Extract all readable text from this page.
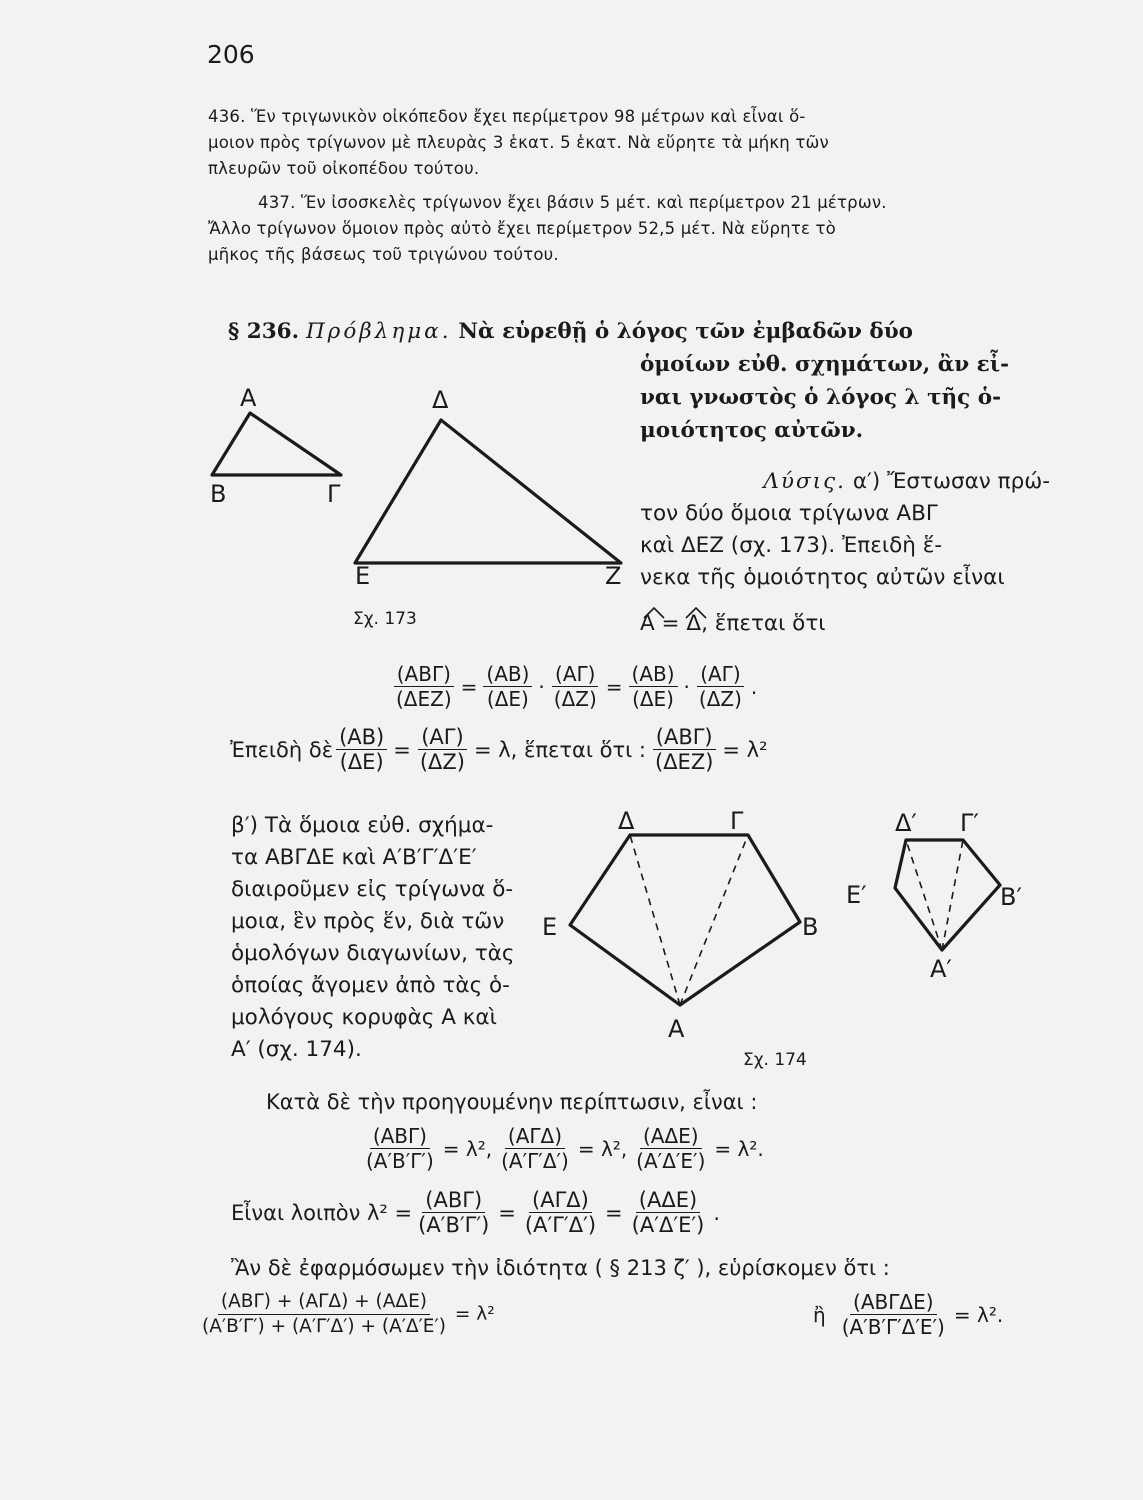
206
436. Ἕν τριγωνικὸν οἰκόπεδον ἔχει περίμετρον 98 μέτρων καὶ εἶναι ὅ-
μοιον πρὸς τρίγωνον μὲ πλευρὰς 3 ἑκατ. 5 ἑκατ. Νὰ εὕρητε τὰ μήκη τῶν
πλευρῶν τοῦ οἰκοπέδου τούτου.
437. Ἕν ἰσοσκελὲς τρίγωνον ἔχει βάσιν 5 μέτ. καὶ περίμετρον 21 μέτρων.
Ἄλλο τρίγωνον ὅμοιον πρὸς αὐτὸ ἔχει περίμετρον 52,5 μέτ. Νὰ εὕρητε τὸ
μῆκος τῆς βάσεως τοῦ τριγώνου τούτου.
§ 236. Πρόβλημα. Νὰ εὑρεθῇ ὁ λόγος τῶν ἐμβαδῶν δύο
ὁμοίων εὐθ. σχημάτων, ἂν εἶ-
ναι γνωστὸς ὁ λόγος λ τῆς ὁ-
μοιότητος αὐτῶν.
Α
Β	Γ
Δ
Ε	Ζ
Σχ. 173
Λύσις. α′) Ἔστωσαν πρώ-
τον δύο ὅμοια τρίγωνα ΑΒΓ
καὶ ΔΕΖ (σχ. 173). Ἐπειδὴ ἕ-
νεκα τῆς ὁμοιότητος αὐτῶν εἶναι
Α = Δ, ἕπεται ὅτι
$\frac{\text{(ΑΒΓ)}}{\text{(ΔΕΖ)}} = \frac{(AB)}{(\Delta E)} \cdot \frac{(A\Gamma)}{(\Delta Z)} = \frac{(AB)}{(\Delta E)} \cdot \frac{(A\Gamma)}{(\Delta Z)}$ .
Ἐπειδὴ δὲ $\frac{(AB)}{(\Delta E)} = \frac{(A\Gamma)}{(\Delta Z)} = \lambda$, ἕπεται ὅτι : $\frac{\text{(ΑΒΓ)}}{\text{(ΔΕΖ)}} = \lambda^2$
β′) Τὰ ὅμοια εὐθ. σχήμα-
τα ΑΒΓΔΕ καὶ Α′Β′Γ′Δ′Ε′
διαιροῦμεν εἰς τρίγωνα ὅ-
μοια, ἓν πρὸς ἕν, διὰ τῶν
ὁμολόγων διαγωνίων, τὰς
ὁποίας ἄγομεν ἀπὸ τὰς ὁ-
μολόγους κορυφὰς Α καὶ
Α′ (σχ. 174).
Δ	Γ
Ε	Β
Α
Δ′ Γ′
Ε′	Β′
Α′
Σχ. 174
Κατὰ δὲ τὴν προηγουμένην περίπτωσιν, εἶναι :
$\frac{\text{(ΑΒΓ)}}{(A'B'\Gamma')} = \lambda^2$, $\frac{\text{(ΑΓΔ)}}{(A'\Gamma'\Delta')} = \lambda^2$, $\frac{\text{(ΑΔΕ)}}{(A'\Delta'E')} = \lambda^2$.
Εἶναι λοιπὸν $\lambda^2 = \frac{\text{(ΑΒΓ)}}{(A'B'\Gamma')} = \frac{\text{(ΑΓΔ)}}{(A'\Gamma'\Delta')} = \frac{\text{(ΑΔΕ)}}{(A'\Delta'E')}$ .
Ἂν δὲ ἐφαρμόσωμεν τὴν ἰδιότητα ( § 213 ζ′ ), εὑρίσκομεν ὅτι :
$\frac{\text{(ΑΒΓ) + (ΑΓΔ) + (ΑΔΕ)}}{(A'B'\Gamma') + (A'\Gamma'\Delta') + (A'\Delta'E')} = \lambda^2$	ἢ $\frac{\text{(ΑΒΓΔΕ)}}{(A'B'\Gamma'\Delta'E')} = \lambda^2$.
